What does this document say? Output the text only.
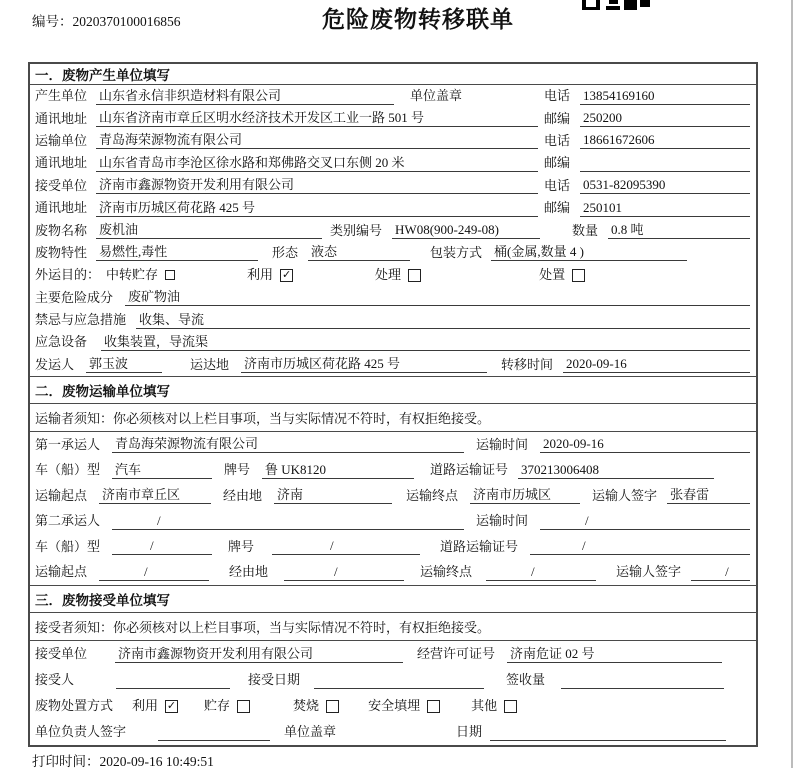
编号：2020370100016856	危险废物转移联单
一．废物产生单位填写
产生单位 山东省永信非织造材料有限公司	单位盖章	电话 13854169160
通讯地址 山东省济南市章丘区明水经济技术开发区工业一路 501 号	邮编 250200
运输单位 青岛海荣源物流有限公司	电话 18661672606
通讯地址 山东省青岛市李沧区徐水路和郑佛路交叉口东侧 20 米	邮编
接受单位 济南市鑫源物资开发利用有限公司	电话 0531-82095390
通讯地址 济南市历城区荷花路 425 号	邮编 250101
废物名称 废机油	类别编号 HW08(900-249-08)	数量 0.8 吨
废物特性 易燃性,毒性	形态 液态	包装方式 桶(金属,数量 4 )
外运目的： 中转贮存	利用 ✓	处理	处置
主要危险成分 废矿物油
禁忌与应急措施 收集、导流
应急设备 收集装置，导流渠
发运人 郭玉波	运达地 济南市历城区荷花路 425 号	转移时间 2020-09-16
二．废物运输单位填写
运输者须知：你必须核对以上栏目事项，当与实际情况不符时，有权拒绝接受。
第一承运人 青岛海荣源物流有限公司	运输时间 2020-09-16
车（船）型 汽车	牌号 鲁 UK8120	道路运输证号 370213006408
运输起点 济南市章丘区	经由地 济南	运输终点 济南市历城区	运输人签字 张春雷
第二承运人	/	运输时间	/
车（船）型	/	牌号	/	道路运输证号	/
运输起点	/	经由地	/	运输终点	/	运输人签字	/
三．废物接受单位填写
接受者须知：你必须核对以上栏目事项，当与实际情况不符时，有权拒绝接受。
接受单位 济南市鑫源物资开发利用有限公司	经营许可证号 济南危证 02 号
接受人	接受日期	签收量
废物处置方式 利用 ✓ 贮存	焚烧	安全填埋	其他
单位负责人签字	单位盖章	日期
打印时间：2020-09-16 10:49:51
